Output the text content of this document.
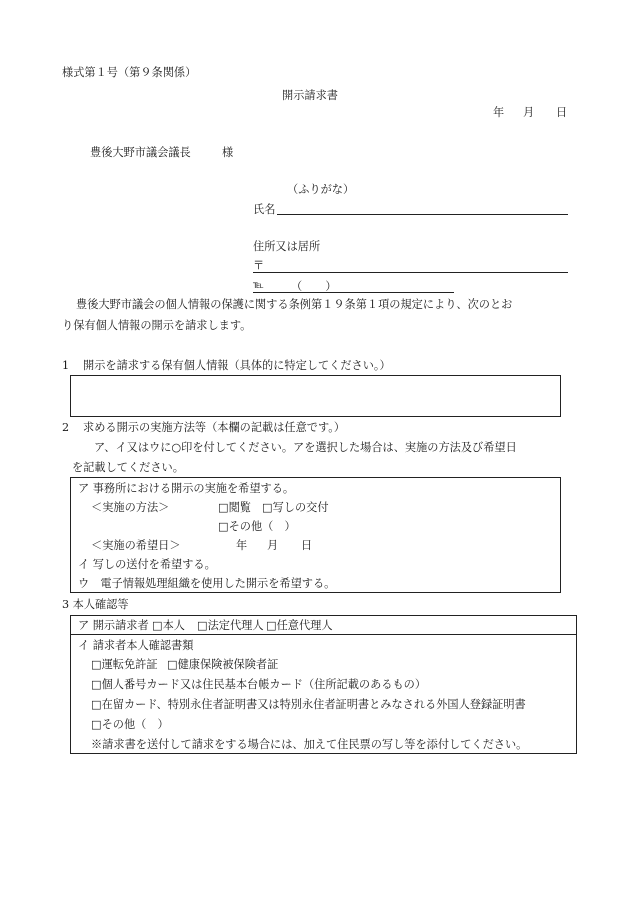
様式第１号（第９条関係）
開示請求書
年 月 日
豊後大野市議会議長	様
（ふりがな）
氏名
住所又は居所
〒
℡ （　）
豊後大野市議会の個人情報の保護に関する条例第１９条第１項の規定により、次のとお
り保有個人情報の開示を請求します。
1 開示を請求する保有個人情報（具体的に特定してください。）
2 求める開示の実施方法等（本欄の記載は任意です。）
ア、イ又はウに○印を付してください。アを選択した場合は、実施の方法及び希望日
を記載してください。
ア 事務所における開示の実施を希望する。
＜実施の方法＞	□閲覧 □写しの交付
□その他（　）
＜実施の希望日＞	年 月 日
イ 写しの送付を希望する。
ウ　電子情報処理組織を使用した開示を希望する。
3 本人確認等
ア 開示請求者 □本人 □法定代理人 □任意代理人
イ 請求者本人確認書類
□運転免許証 □健康保険被保険者証
□個人番号カード又は住民基本台帳カード（住所記載のあるもの）
□在留カード、特別永住者証明書又は特別永住者証明書とみなされる外国人登録証明書
□その他（　）
※請求書を送付して請求をする場合には、加えて住民票の写し等を添付してください。
